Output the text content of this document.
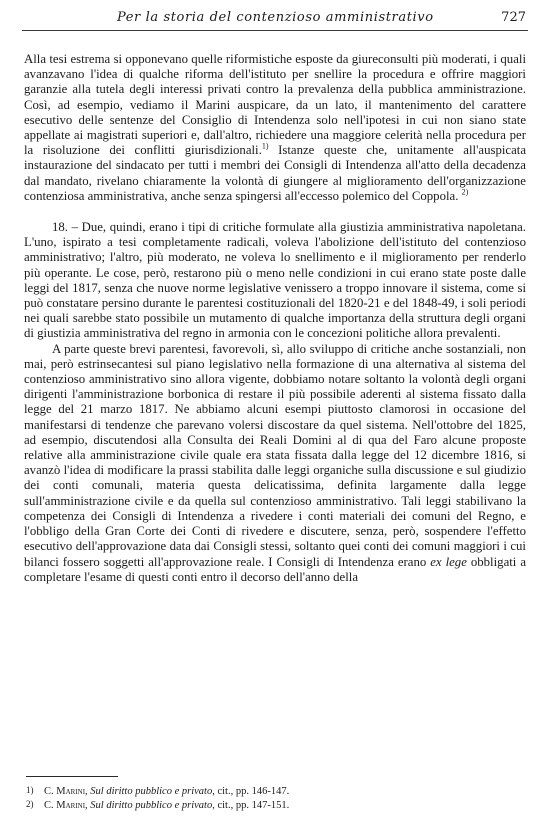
Per la storia del contenzioso amministrativo	727

Alla tesi estrema si opponevano quelle riformistiche esposte da giureconsulti più moderati, i quali avanzavano l'idea di qualche riforma dell'istituto per snellire la procedura e offrire maggiori garanzie alla tutela degli interessi privati contro la prevalenza della pubblica amministrazione. Così, ad esempio, vediamo il Marini auspicare, da un lato, il mantenimento del carattere esecutivo delle sentenze del Consiglio di Intendenza solo nell'ipotesi in cui non siano state appellate ai magistrati superiori e, dall'altro, richiedere una maggiore celerità nella procedura per la risoluzione dei conflitti giurisdizionali.$^{1)}$ Istanze queste che, unitamente all'auspicata instaurazione del sindacato per tutti i membri dei Consigli di Intendenza all'atto della decadenza dal mandato, rivelano chiaramente la volontà di giungere al miglioramento dell'organizzazione contenziosa amministrativa, anche senza spingersi all'eccesso polemico del Coppola. $^{2)}$

18. – Due, quindi, erano i tipi di critiche formulate alla giustizia amministrativa napoletana. L'uno, ispirato a tesi completamente radicali, voleva l'abolizione dell'istituto del contenzioso amministrativo; l'altro, più moderato, ne voleva lo snellimento e il miglioramento per renderlo più operante. Le cose, però, restarono più o meno nelle condizioni in cui erano state poste dalle leggi del 1817, senza che nuove norme legislative venissero a troppo innovare il sistema, come si può constatare persino durante le parentesi costituzionali del 1820-21 e del 1848-49, i soli periodi nei quali sarebbe stato possibile un mutamento di qualche importanza della struttura degli organi di giustizia amministrativa del regno in armonia con le concezioni politiche allora prevalenti.

A parte queste brevi parentesi, favorevoli, sì, allo sviluppo di critiche anche sostanziali, non mai, però estrinsecantesi sul piano legislativo nella formazione di una alternativa al sistema del contenzioso amministrativo sino allora vigente, dobbiamo notare soltanto la volontà degli organi dirigenti l'amministrazione borbonica di restare il più possibile aderenti al sistema fissato dalla legge del 21 marzo 1817. Ne abbiamo alcuni esempi piuttosto clamorosi in occasione del manifestarsi di tendenze che parevano volersi discostare da quel sistema. Nell'ottobre del 1825, ad esempio, discutendosi alla Consulta dei Reali Domini al di qua del Faro alcune proposte relative alla amministrazione civile quale era stata fissata dalla legge del 12 dicembre 1816, si avanzò l'idea di modificare la prassi stabilita dalle leggi organiche sulla discussione e sul giudizio dei conti comunali, materia questa delicatissima, definita largamente dalla legge sull'amministrazione civile e da quella sul contenzioso amministrativo. Tali leggi stabilivano la competenza dei Consigli di Intendenza a rivedere i conti materiali dei comuni del Regno, e l'obbligo della Gran Corte dei Conti di rivedere e discutere, senza, però, sospendere l'effetto esecutivo dell'approvazione data dai Consigli stessi, soltanto quei conti dei comuni maggiori i cui bilanci fossero soggetti all'approvazione reale. I Consigli di Intendenza erano ex lege obbligati a completare l'esame di questi conti entro il decorso dell'anno della

1) C. Marini, Sul diritto pubblico e privato, cit., pp. 146-147.

2) C. Marini, Sul diritto pubblico e privato, cit., pp. 147-151.
